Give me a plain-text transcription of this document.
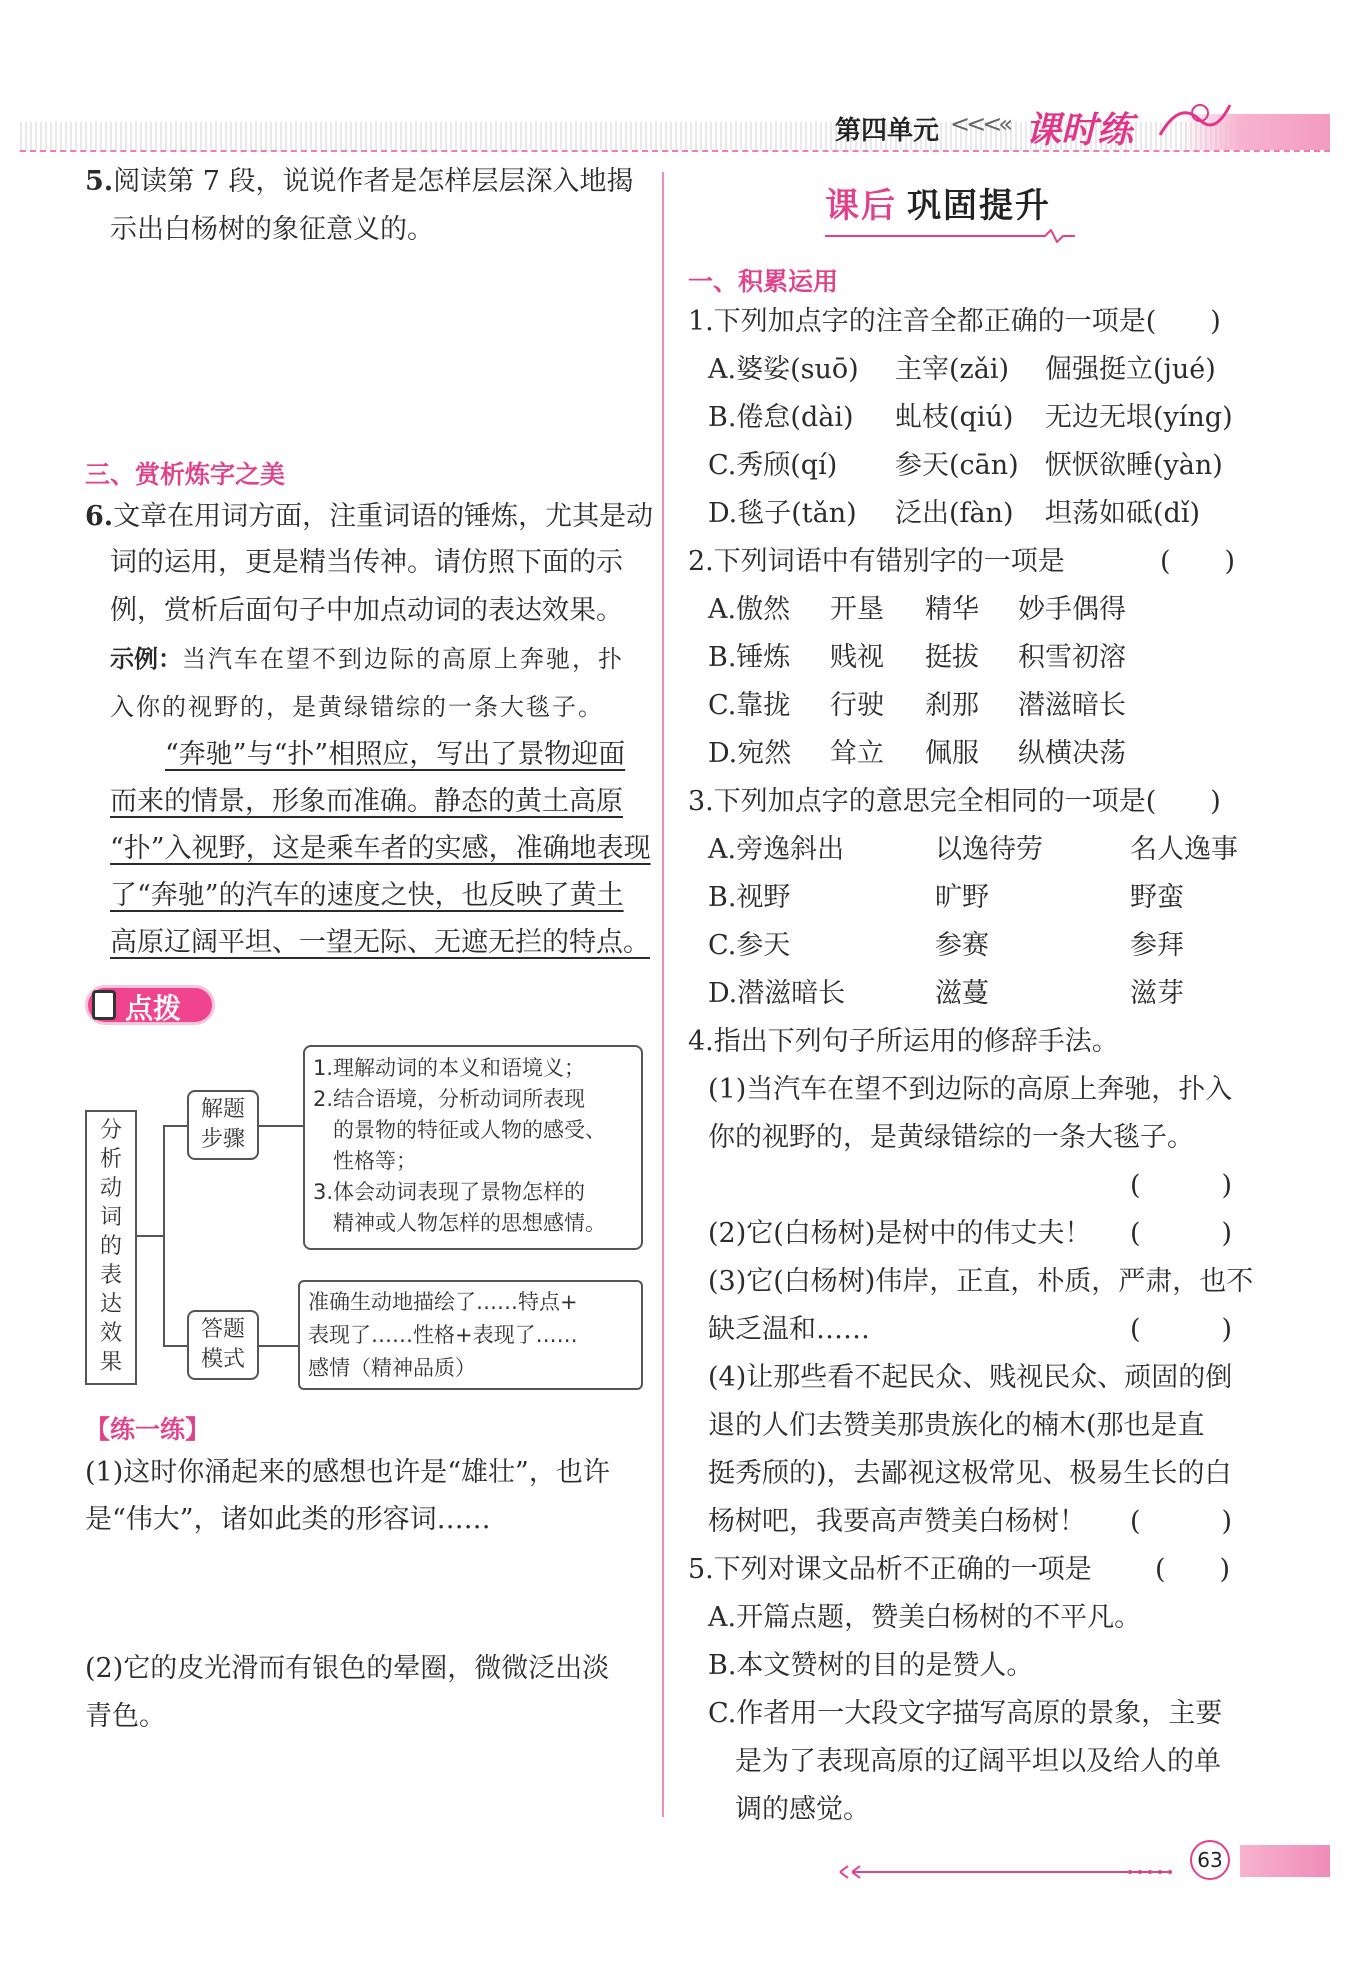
第四单元 <<<« 课时练
5.阅读第 7 段，说说作者是怎样层层深入地揭
示出白杨树的象征意义的。
三、赏析炼字之美
6.文章在用词方面，注重词语的锤炼，尤其是动
词的运用，更是精当传神。请仿照下面的示
例，赏析后面句子中加点动词的表达效果。
示例：当汽车在望不到边际的高原上奔驰，扑
入你的视野的，是黄绿错综的一条大毯子。
“奔驰”与“扑”相照应，写出了景物迎面
而来的情景，形象而准确。静态的黄土高原
“扑”入视野，这是乘车者的实感，准确地表现
了“奔驰”的汽车的速度之快，也反映了黄土
高原辽阔平坦、一望无际、无遮无拦的特点。
点拨
分
析
动
词
的
表
达
效
果
解题
步骤
1.理解动词的本义和语境义；
2.结合语境，分析动词所表现
的景物的特征或人物的感受、
性格等；
3.体会动词表现了景物怎样的
精神或人物怎样的思想感情。
答题
模式
准确生动地描绘了……特点+
表现了……性格+表现了……
感情（精神品质）
【练一练】
(1)这时你涌起来的感想也许是“雄壮”，也许
是“伟大”，诸如此类的形容词……
(2)它的皮光滑而有银色的晕圈，微微泛出淡
青色。
课后 巩固提升
一、积累运用
1.下列加点字的注音全都正确的一项是(　　)
A.婆娑(suō) 主宰(zǎi) 倔强挺立(jué)
B.倦怠(dài) 虬枝(qiú) 无边无垠(yíng)
C.秀颀(qí) 参天(cān) 恹恹欲睡(yàn)
D.毯子(tǎn) 泛出(fàn) 坦荡如砥(dǐ)
2.下列词语中有错别字的一项是	(　　)
A.傲然 开垦 精华 妙手偶得
B.锤炼 贱视 挺拔 积雪初溶
C.靠拢 行驶 刹那 潜滋暗长
D.宛然 耸立 佩服 纵横决荡
3.下列加点字的意思完全相同的一项是(　　)
A.旁逸斜出	以逸待劳	名人逸事
B.视野	旷野	野蛮
C.参天	参赛	参拜
D.潜滋暗长	滋蔓	滋芽
4.指出下列句子所运用的修辞手法。
(1)当汽车在望不到边际的高原上奔驰，扑入
你的视野的，是黄绿错综的一条大毯子。
(　　　)
(2)它(白杨树)是树中的伟丈夫！ (　　　)
(3)它(白杨树)伟岸，正直，朴质，严肃，也不
缺乏温和……	(　　　)
(4)让那些看不起民众、贱视民众、顽固的倒
退的人们去赞美那贵族化的楠木(那也是直
挺秀颀的)，去鄙视这极常见、极易生长的白
杨树吧，我要高声赞美白杨树！ (　　　)
5.下列对课文品析不正确的一项是 (　　)
A.开篇点题，赞美白杨树的不平凡。
B.本文赞树的目的是赞人。
C.作者用一大段文字描写高原的景象，主要
是为了表现高原的辽阔平坦以及给人的单
调的感觉。
63
